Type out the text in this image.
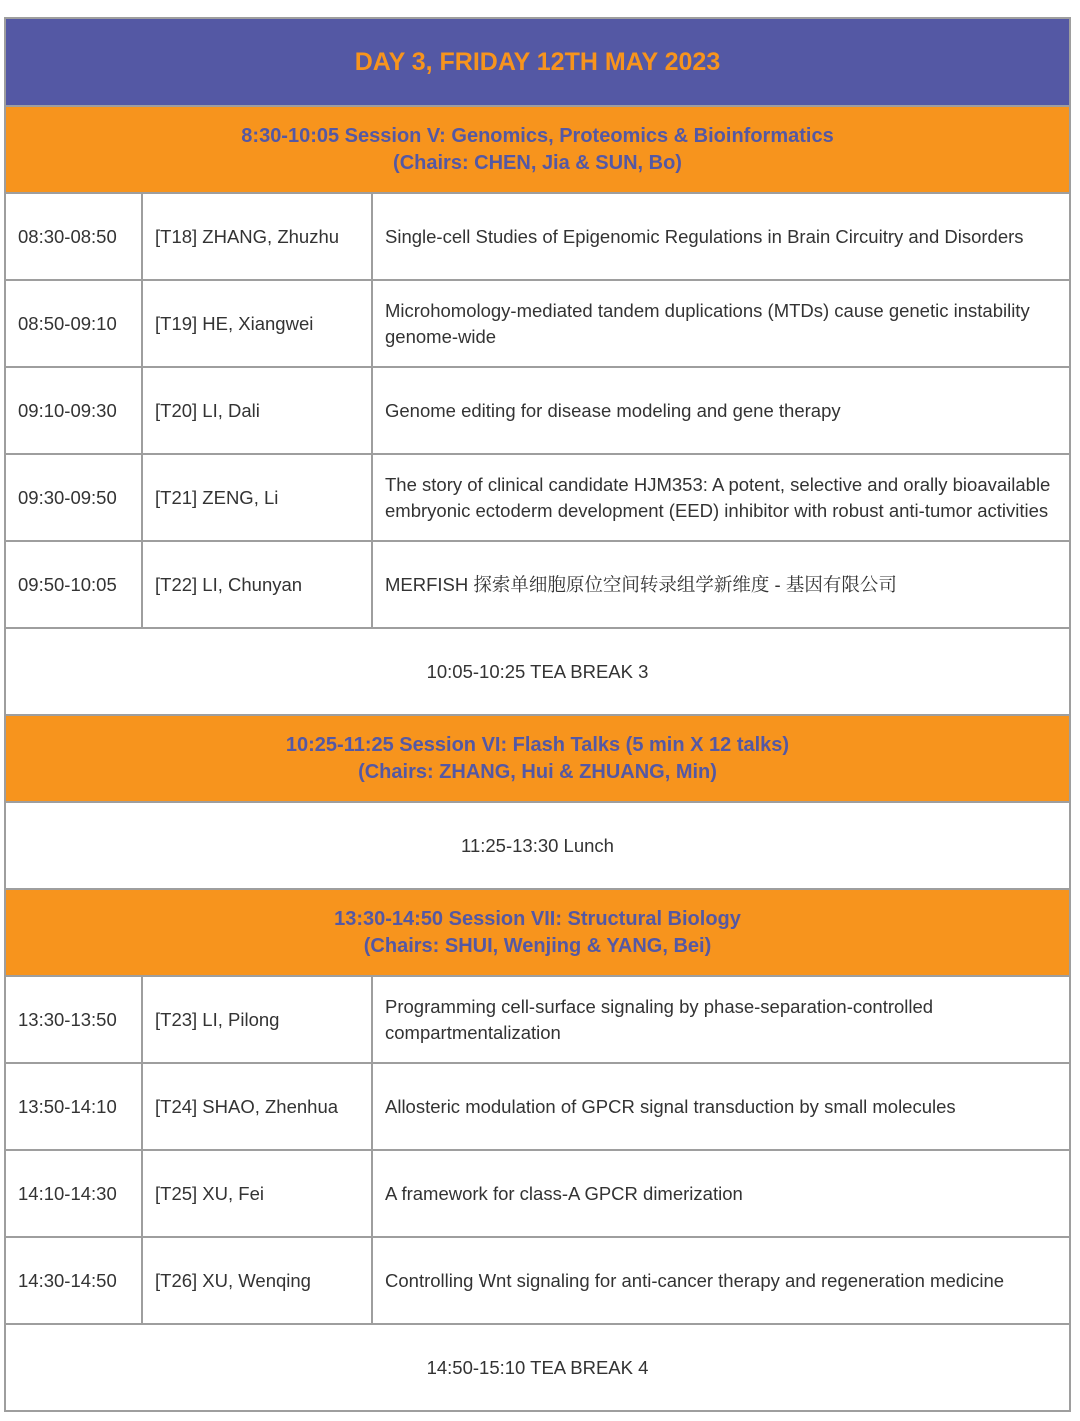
DAY 3, FRIDAY 12TH MAY 2023		

8:30-10:05 Session V: Genomics, Proteomics & Bioinformatics
(Chairs: CHEN, Jia & SUN, Bo)		

08:30-08:50	[T18] ZHANG, Zhuzhu	Single-cell Studies of Epigenomic Regulations in Brain Circuitry and Disorders
08:50-09:10	[T19] HE, Xiangwei	Microhomology-mediated tandem duplications (MTDs) cause genetic instability genome-wide
09:10-09:30	[T20] LI, Dali	Genome editing for disease modeling and gene therapy
09:30-09:50	[T21] ZENG, Li	The story of clinical candidate HJM353: A potent, selective and orally bioavailable embryonic ectoderm development (EED) inhibitor with robust anti-tumor activities
09:50-10:05	[T22] LI, Chunyan	MERFISH 探索单细胞原位空间转录组学新维度 - 基因有限公司
10:05-10:25 TEA BREAK 3		

10:25-11:25 Session VI: Flash Talks (5 min X 12 talks)
(Chairs: ZHANG, Hui & ZHUANG, Min)		

11:25-13:30 Lunch		

13:30-14:50 Session VII: Structural Biology
(Chairs: SHUI, Wenjing & YANG, Bei)		

13:30-13:50	[T23] LI, Pilong	Programming cell-surface signaling by phase-separation-controlled compartmentalization
13:50-14:10	[T24] SHAO, Zhenhua	Allosteric modulation of GPCR signal transduction by small molecules
14:10-14:30	[T25] XU, Fei	A framework for class-A GPCR dimerization
14:30-14:50	[T26] XU, Wenqing	Controlling Wnt signaling for anti-cancer therapy and regeneration medicine
14:50-15:10 TEA BREAK 4		
